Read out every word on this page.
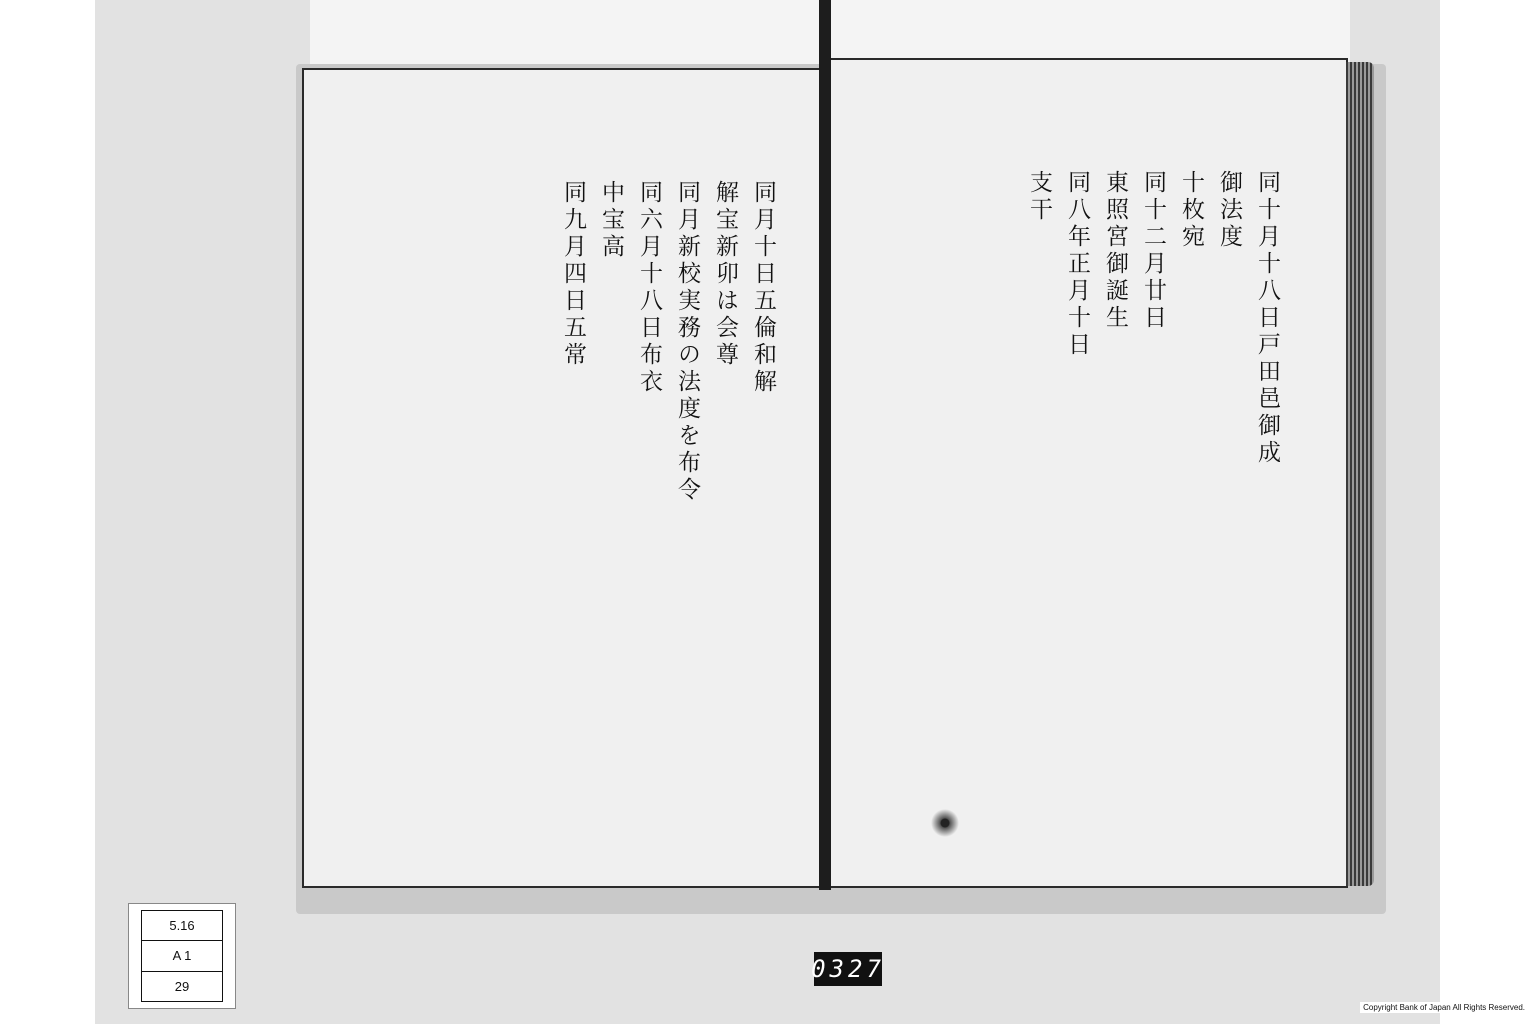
同月十日五倫和解
解宝新卯は会尊
同月新校実務の法度を布令
同六月十八日布衣
中宝高
同九月四日五常	同十月十八日戸田邑御成
御法度
十枚宛
同十二月廿日
東照宮御誕生
同八年正月十日
支干
5.16
A 1
29
0327
Copyright Bank of Japan All Rights Reserved.
